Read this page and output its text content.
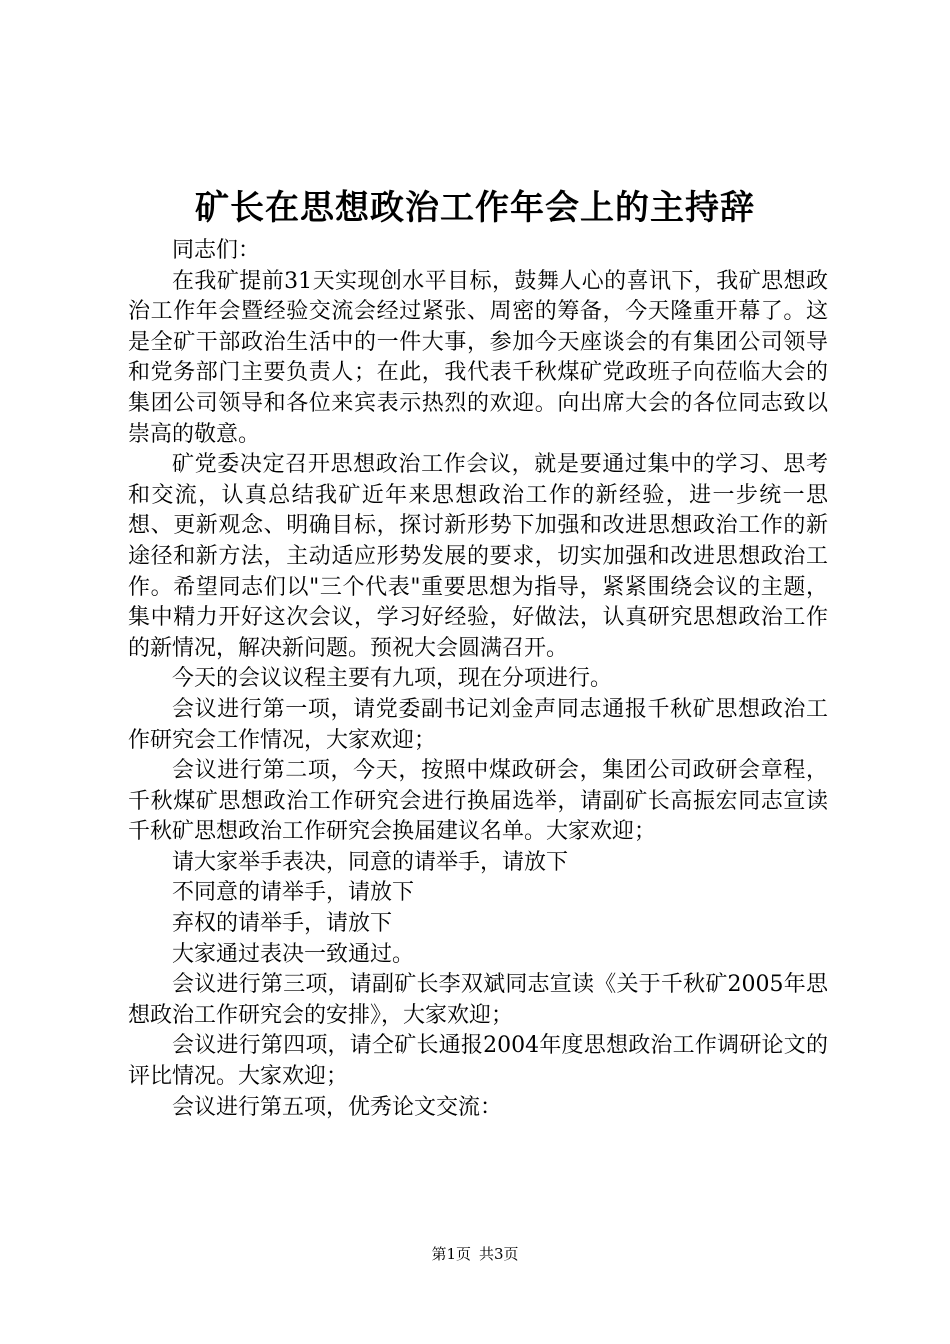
矿长在思想政治工作年会上的主持辞

同志们：

在我矿提前31天实现创水平目标，鼓舞人心的喜讯下，我矿思想政治工作年会暨经验交流会经过紧张、周密的筹备，今天隆重开幕了。这是全矿干部政治生活中的一件大事，参加今天座谈会的有集团公司领导和党务部门主要负责人；在此，我代表千秋煤矿党政班子向莅临大会的集团公司领导和各位来宾表示热烈的欢迎。向出席大会的各位同志致以崇高的敬意。

矿党委决定召开思想政治工作会议，就是要通过集中的学习、思考和交流，认真总结我矿近年来思想政治工作的新经验，进一步统一思想、更新观念、明确目标，探讨新形势下加强和改进思想政治工作的新途径和新方法，主动适应形势发展的要求，切实加强和改进思想政治工作。希望同志们以"三个代表"重要思想为指导，紧紧围绕会议的主题，集中精力开好这次会议，学习好经验，好做法，认真研究思想政治工作的新情况，解决新问题。预祝大会圆满召开。

今天的会议议程主要有九项，现在分项进行。

会议进行第一项，请党委副书记刘金声同志通报千秋矿思想政治工作研究会工作情况，大家欢迎；

会议进行第二项，今天，按照中煤政研会，集团公司政研会章程，千秋煤矿思想政治工作研究会进行换届选举，请副矿长高振宏同志宣读千秋矿思想政治工作研究会换届建议名单。大家欢迎；

请大家举手表决，同意的请举手，请放下

不同意的请举手，请放下

弃权的请举手，请放下

大家通过表决一致通过。

会议进行第三项，请副矿长李双斌同志宣读《关于千秋矿2005年思想政治工作研究会的安排》，大家欢迎；

会议进行第四项，请仝矿长通报2004年度思想政治工作调研论文的评比情况。大家欢迎；

会议进行第五项，优秀论文交流：

第1页 共3页
